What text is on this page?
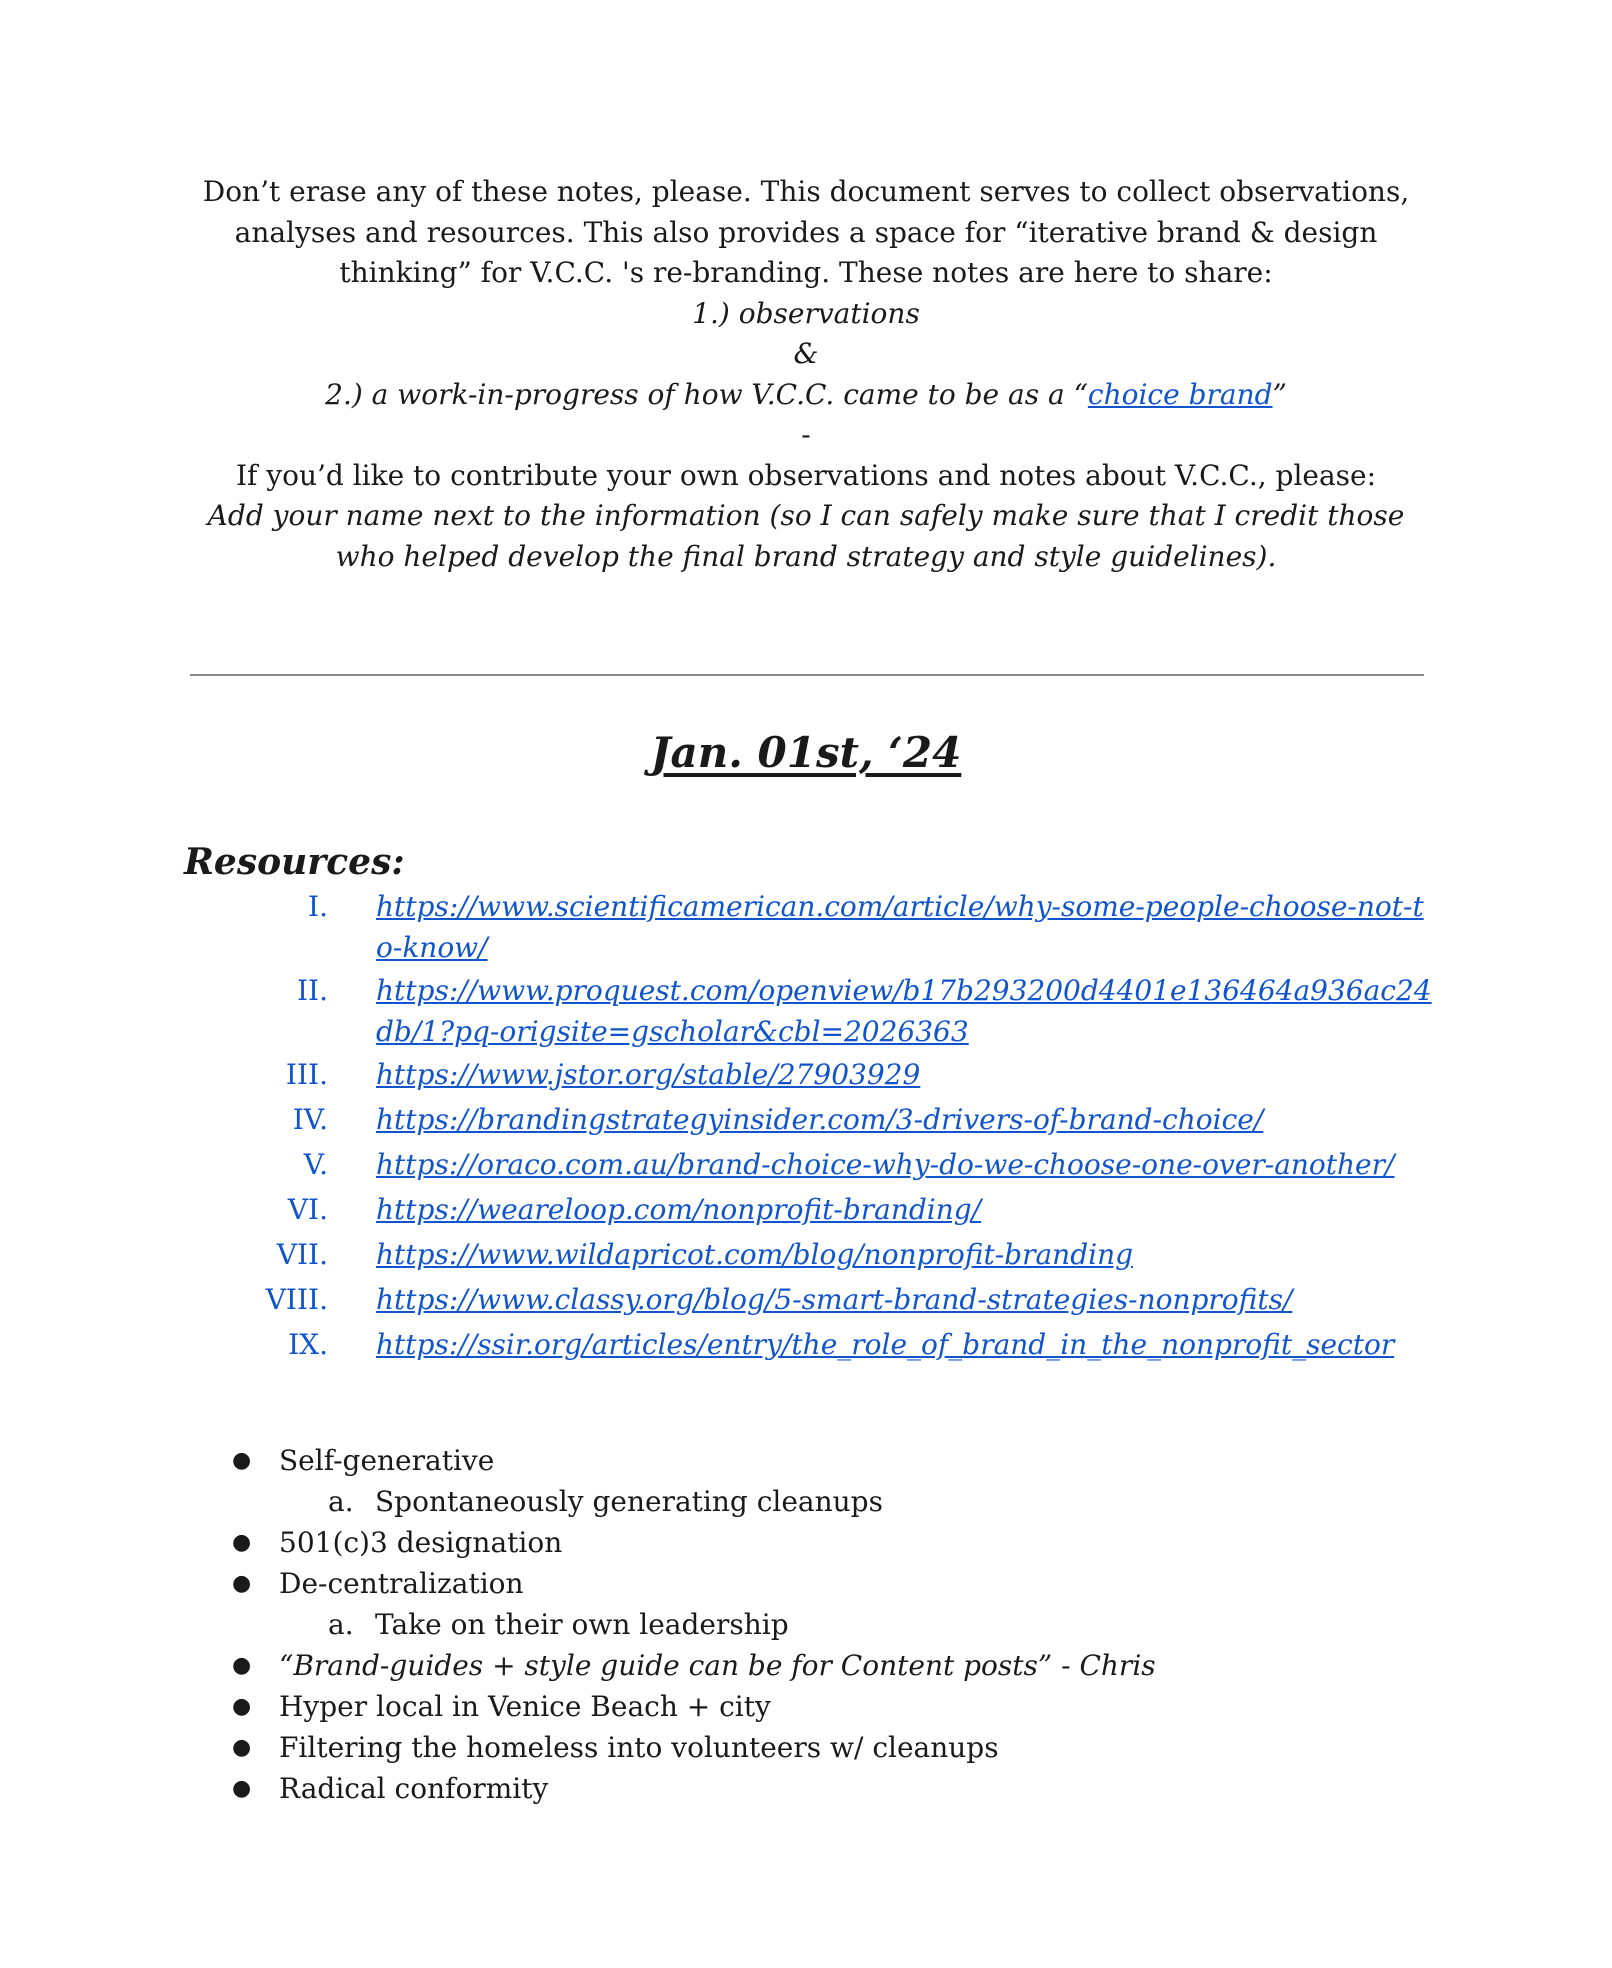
Don’t erase any of these notes, please. This document serves to collect observations, analyses and resources. This also provides a space for “iterative brand & design thinking” for V.C.C. 's re-branding. These notes are here to share:

1.) observations

&

2.) a work-in-progress of how V.C.C. came to be as a “choice brand”

-

If you’d like to contribute your own observations and notes about V.C.C., please:

Add your name next to the information (so I can safely make sure that I credit those who helped develop the final brand strategy and style guidelines).

Jan. 01st, ‘24
Resources:
I. https://www.scientificamerican.com/article/why-some-people-choose-not-to-know/
II. https://www.proquest.com/openview/b17b293200d4401e136464a936ac24db/1?pq-origsite=gscholar&cbl=2026363
III. https://www.jstor.org/stable/27903929
IV. https://brandingstrategyinsider.com/3-drivers-of-brand-choice/
V. https://oraco.com.au/brand-choice-why-do-we-choose-one-over-another/
VI. https://weareloop.com/nonprofit-branding/
VII. https://www.wildapricot.com/blog/nonprofit-branding
VIII. https://www.classy.org/blog/5-smart-brand-strategies-nonprofits/
IX. https://ssir.org/articles/entry/the_role_of_brand_in_the_nonprofit_sector
● Self-generative
a. Spontaneously generating cleanups
● 501(c)3 designation
● De-centralization
a. Take on their own leadership
● “Brand-guides + style guide can be for Content posts” - Chris
● Hyper local in Venice Beach + city
● Filtering the homeless into volunteers w/ cleanups
● Radical conformity
